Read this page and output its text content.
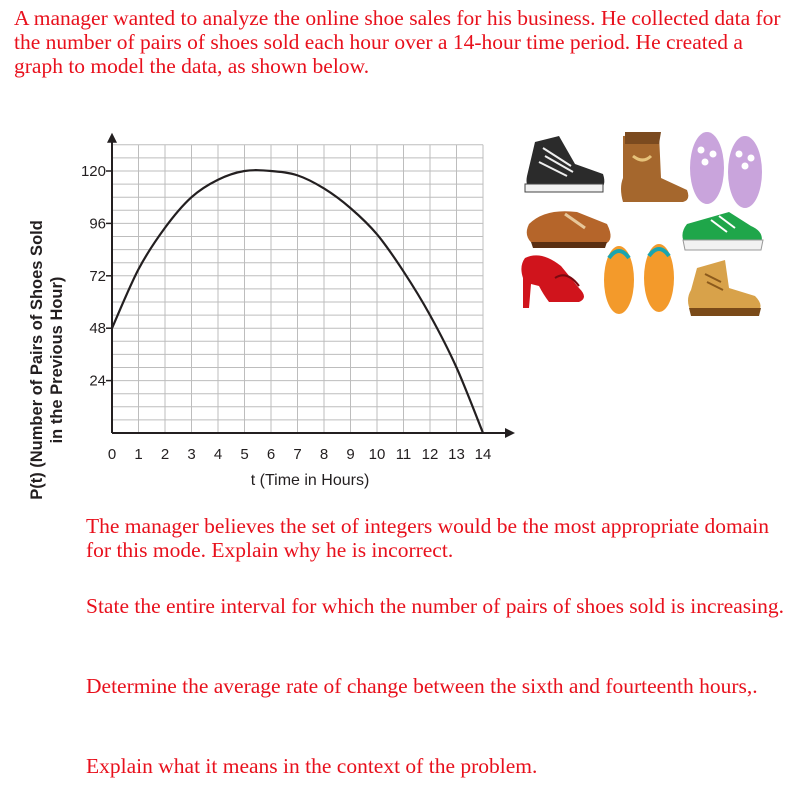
A manager wanted to analyze the online shoe sales for his business. He collected data for the number of pairs of shoes sold each hour over a 14-hour time period. He created a graph to model the data, as shown below.

24
48
72
96
120
0 1 2 3 4 5 6 7 8 9 10 11 12 13 14
P(t) (Number of Pairs of Shoes Sold in the Previous Hour)
t (Time in Hours)

The manager believes the set of integers would be the most appropriate domain for this mode. Explain why he is incorrect.

State the entire interval for which the number of pairs of shoes sold is increasing.

Determine the average rate of change between the sixth and fourteenth hours,.

Explain what it means in the context of the problem.
